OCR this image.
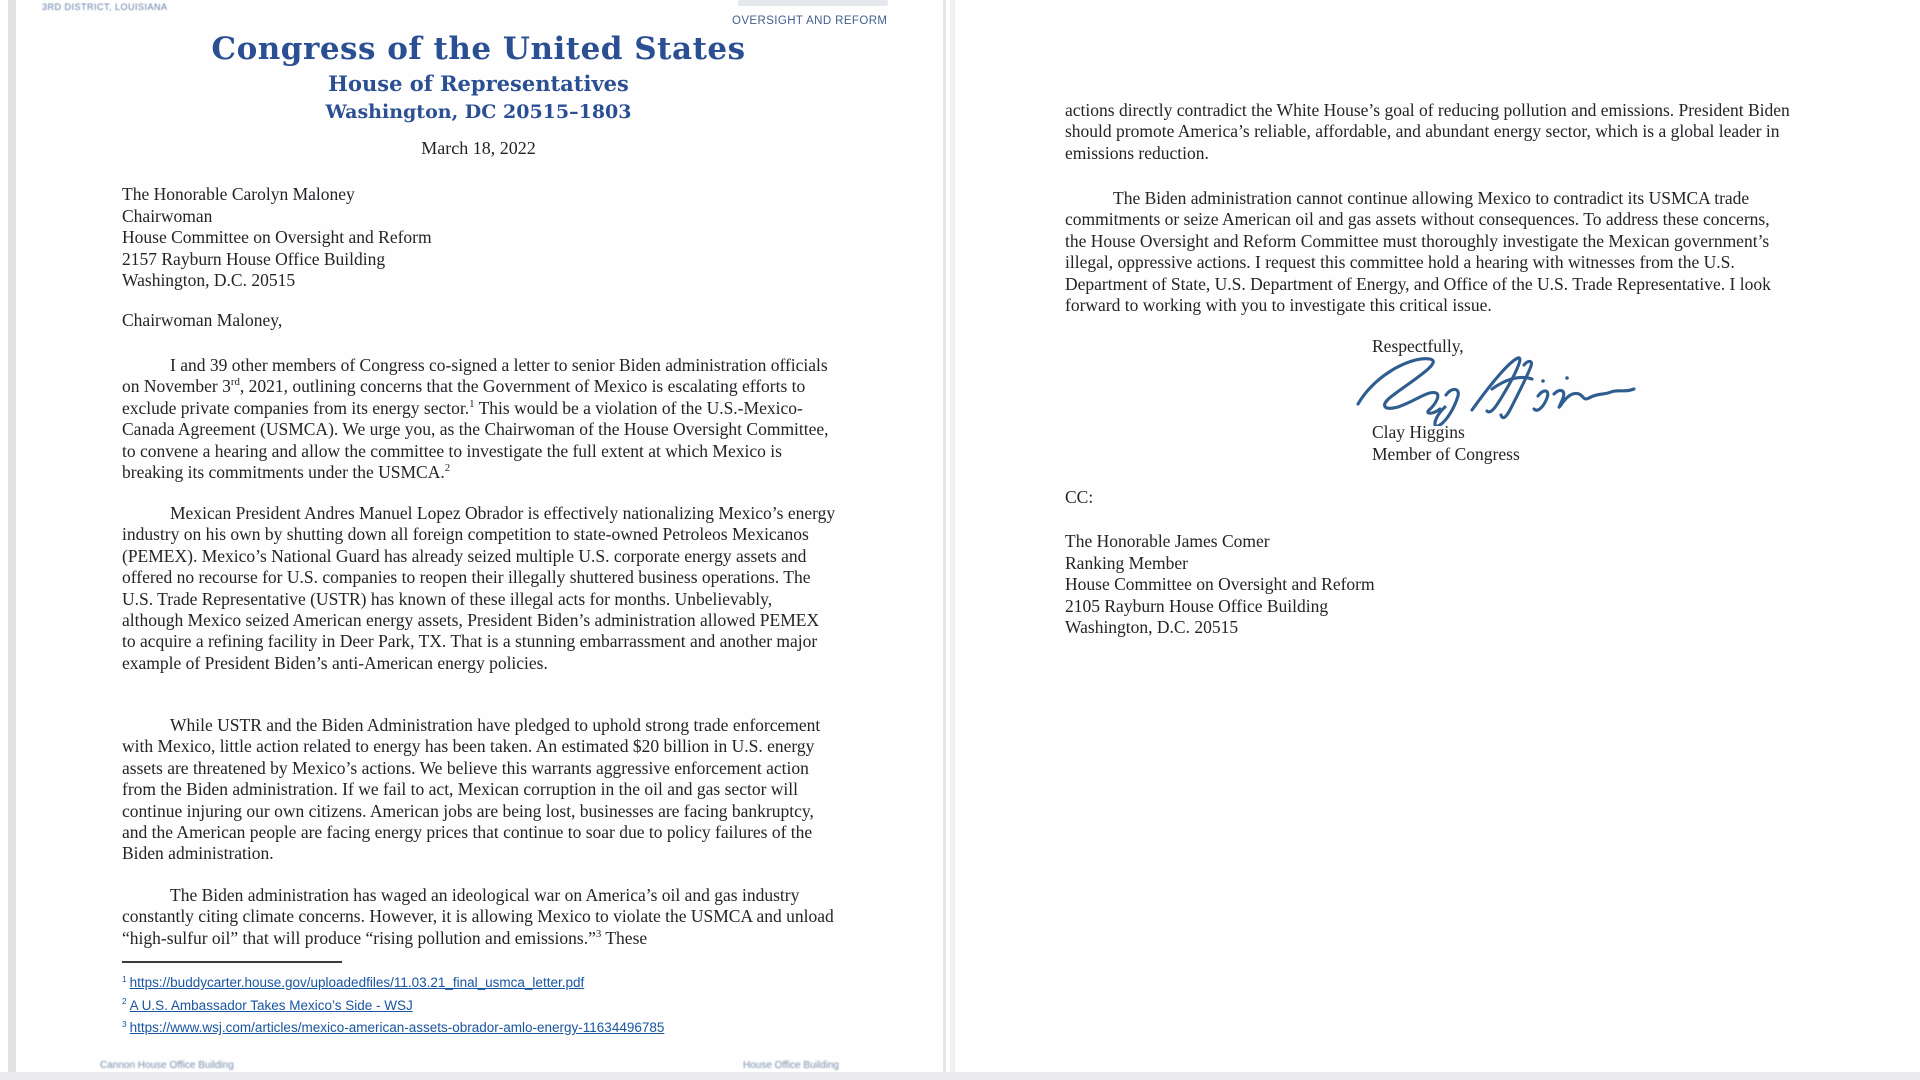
3RD DISTRICT, LOUISIANA
OVERSIGHT AND REFORM
Congress of the United States
House of Representatives
Washington, DC 20515–1803
March 18, 2022
The Honorable Carolyn Maloney
Chairwoman
House Committee on Oversight and Reform
2157 Rayburn House Office Building
Washington, D.C. 20515
Chairwoman Maloney,
I and 39 other members of Congress co-signed a letter to senior Biden administration officials on November 3rd, 2021, outlining concerns that the Government of Mexico is escalating efforts to exclude private companies from its energy sector.$^1$ This would be a violation of the U.S.-Mexico-Canada Agreement (USMCA). We urge you, as the Chairwoman of the House Oversight Committee, to convene a hearing and allow the committee to investigate the full extent at which Mexico is breaking its commitments under the USMCA.$^2$
Mexican President Andres Manuel Lopez Obrador is effectively nationalizing Mexico’s energy industry on his own by shutting down all foreign competition to state-owned Petroleos Mexicanos (PEMEX). Mexico’s National Guard has already seized multiple U.S. corporate energy assets and offered no recourse for U.S. companies to reopen their illegally shuttered business operations. The U.S. Trade Representative (USTR) has known of these illegal acts for months. Unbelievably, although Mexico seized American energy assets, President Biden’s administration allowed PEMEX to acquire a refining facility in Deer Park, TX. That is a stunning embarrassment and another major example of President Biden’s anti-American energy policies.
While USTR and the Biden Administration have pledged to uphold strong trade enforcement with Mexico, little action related to energy has been taken. An estimated $20 billion in U.S. energy assets are threatened by Mexico’s actions. We believe this warrants aggressive enforcement action from the Biden administration. If we fail to act, Mexican corruption in the oil and gas sector will continue injuring our own citizens. American jobs are being lost, businesses are facing bankruptcy, and the American people are facing energy prices that continue to soar due to policy failures of the Biden administration.
The Biden administration has waged an ideological war on America’s oil and gas industry constantly citing climate concerns. However, it is allowing Mexico to violate the USMCA and unload “high-sulfur oil” that will produce “rising pollution and emissions.”$^3$ These
$^1$ https://buddycarter.house.gov/uploadedfiles/11.03.21_final_usmca_letter.pdf
$^2$ A U.S. Ambassador Takes Mexico’s Side - WSJ
$^3$ https://www.wsj.com/articles/mexico-american-assets-obrador-amlo-energy-11634496785
Cannon House Office Building	House Office Building
actions directly contradict the White House’s goal of reducing pollution and emissions. President Biden should promote America’s reliable, affordable, and abundant energy sector, which is a global leader in emissions reduction.
The Biden administration cannot continue allowing Mexico to contradict its USMCA trade commitments or seize American oil and gas assets without consequences. To address these concerns, the House Oversight and Reform Committee must thoroughly investigate the Mexican government’s illegal, oppressive actions. I request this committee hold a hearing with witnesses from the U.S. Department of State, U.S. Department of Energy, and Office of the U.S. Trade Representative. I look forward to working with you to investigate this critical issue.
Respectfully,
Clay Higgins
Member of Congress
CC:
The Honorable James Comer
Ranking Member
House Committee on Oversight and Reform
2105 Rayburn House Office Building
Washington, D.C. 20515
